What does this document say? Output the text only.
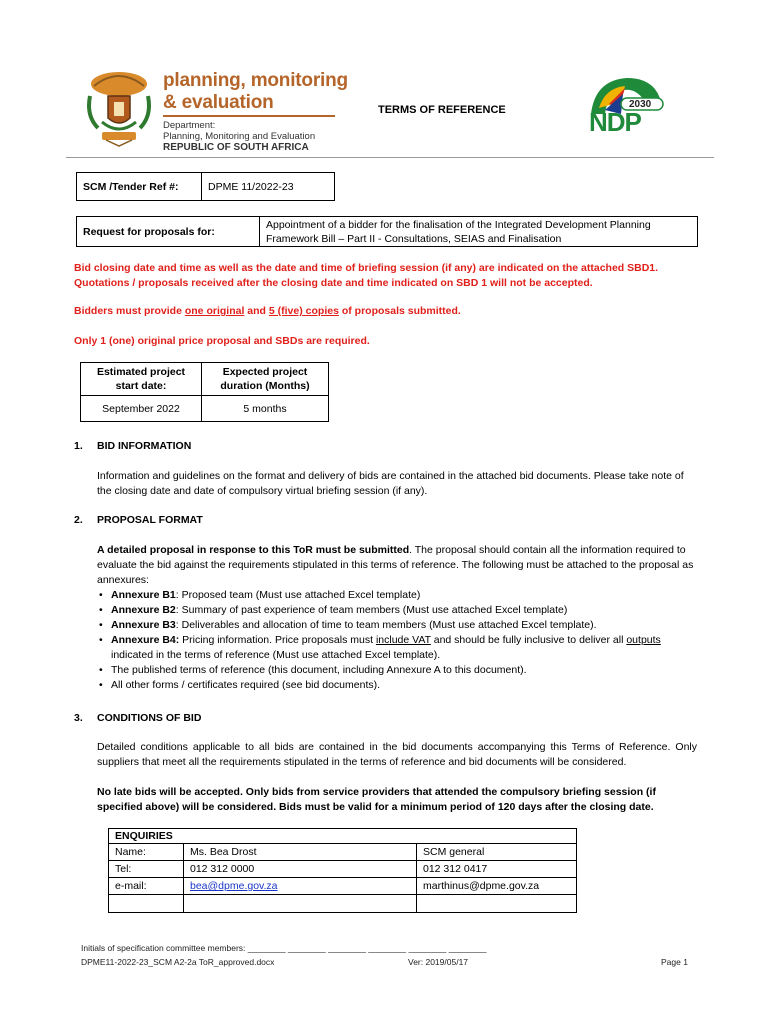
planning, monitoring
& evaluation
Department:
Planning, Monitoring and Evaluation
REPUBLIC OF SOUTH AFRICA
TERMS OF REFERENCE	2030
NDP
SCM /Tender Ref #:	DPME 11/2022-23
Request for proposals for:	Appointment of a bidder for the finalisation of the Integrated Development Planning Framework Bill – Part II - Consultations, SEIAS and Finalisation
Bid closing date and time as well as the date and time of briefing session (if any) are indicated on the attached SBD1. Quotations / proposals received after the closing date and time indicated on SBD 1 will not be accepted.
Bidders must provide one original and 5 (five) copies of proposals submitted.
Only 1 (one) original price proposal and SBDs are required.
Estimated project start date:	Expected project duration (Months)
September 2022	5 months
1. BID INFORMATION
Information and guidelines on the format and delivery of bids are contained in the attached bid documents. Please take note of the closing date and date of compulsory virtual briefing session (if any).
2. PROPOSAL FORMAT
A detailed proposal in response to this ToR must be submitted. The proposal should contain all the information required to evaluate the bid against the requirements stipulated in this terms of reference. The following must be attached to the proposal as annexures:
• Annexure B1: Proposed team (Must use attached Excel template)
• Annexure B2: Summary of past experience of team members (Must use attached Excel template)
• Annexure B3: Deliverables and allocation of time to team members (Must use attached Excel template).
• Annexure B4: Pricing information. Price proposals must include VAT and should be fully inclusive to deliver all outputs indicated in the terms of reference (Must use attached Excel template).
• The published terms of reference (this document, including Annexure A to this document).
• All other forms / certificates required (see bid documents).
3. CONDITIONS OF BID
Detailed conditions applicable to all bids are contained in the bid documents accompanying this Terms of Reference. Only suppliers that meet all the requirements stipulated in the terms of reference and bid documents will be considered.
No late bids will be accepted. Only bids from service providers that attended the compulsory briefing session (if specified above) will be considered. Bids must be valid for a minimum period of 120 days after the closing date.
ENQUIRIES		
Name:	Ms. Bea Drost	SCM general
Tel:	012 312 0000	012 312 0417
e-mail:	bea@dpme.gov.za	marthinus@dpme.gov.za

Initials of specification committee members: ________ ________ ________ ________ ________ ________
DPME11-2022-23_SCM A2-2a ToR_approved.docx	Ver: 2019/05/17	Page 1
